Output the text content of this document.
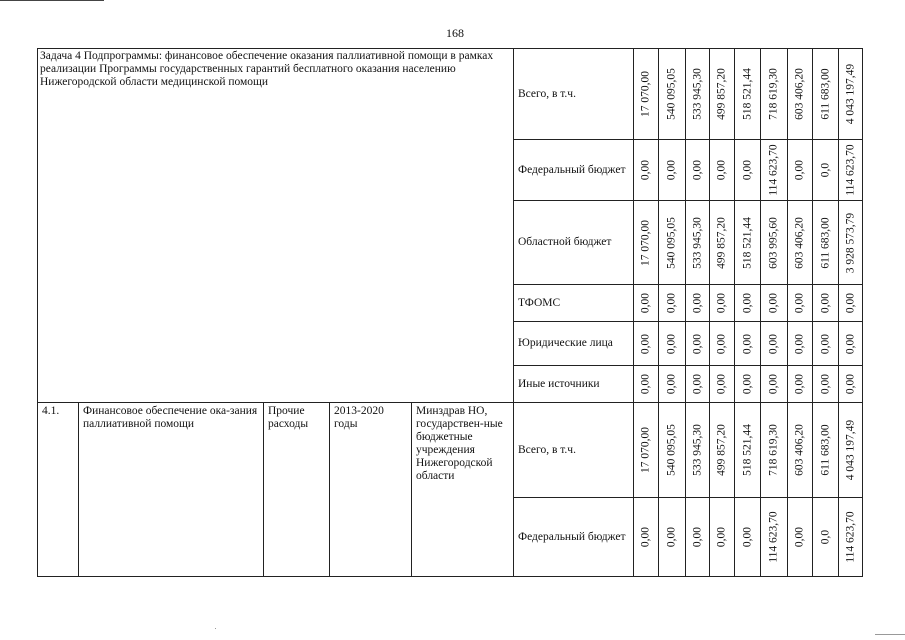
168
Задача 4 Подпрограммы: финансовое обеспечение оказания паллиативной помощи в рамках реализации Программы государственных гарантий бесплатного оказания населению Нижегородской области медицинской помощи					Всего, в т.ч.	17 070,00	540 095,05	533 945,30	499 857,20	518 521,44	718 619,30	603 406,20	611 683,00	4 043 197,49

					Федеральный бюджет	0,00	0,00	0,00	0,00	0,00	114 623,70	0,00	0,0	114 623,70

					Областной бюджет	17 070,00	540 095,05	533 945,30	499 857,20	518 521,44	603 995,60	603 406,20	611 683,00	3 928 573,79

					ТФОМС	0,00	0,00	0,00	0,00	0,00	0,00	0,00	0,00	0,00

					Юридические лица	0,00	0,00	0,00	0,00	0,00	0,00	0,00	0,00	0,00

					Иные источники	0,00	0,00	0,00	0,00	0,00	0,00	0,00	0,00	0,00

4.1.	Финансовое обеспечение ока-зания паллиативной помощи	Прочие расходы	2013-2020 годы	Минздрав НО, государствен-ные бюджетные учреждения Нижегородской области	Всего, в т.ч.	17 070,00	540 095,05	533 945,30	499 857,20	518 521,44	718 619,30	603 406,20	611 683,00	4 043 197,49

					Федеральный бюджет	0,00	0,00	0,00	0,00	0,00	114 623,70	0,00	0,0	114 623,70
